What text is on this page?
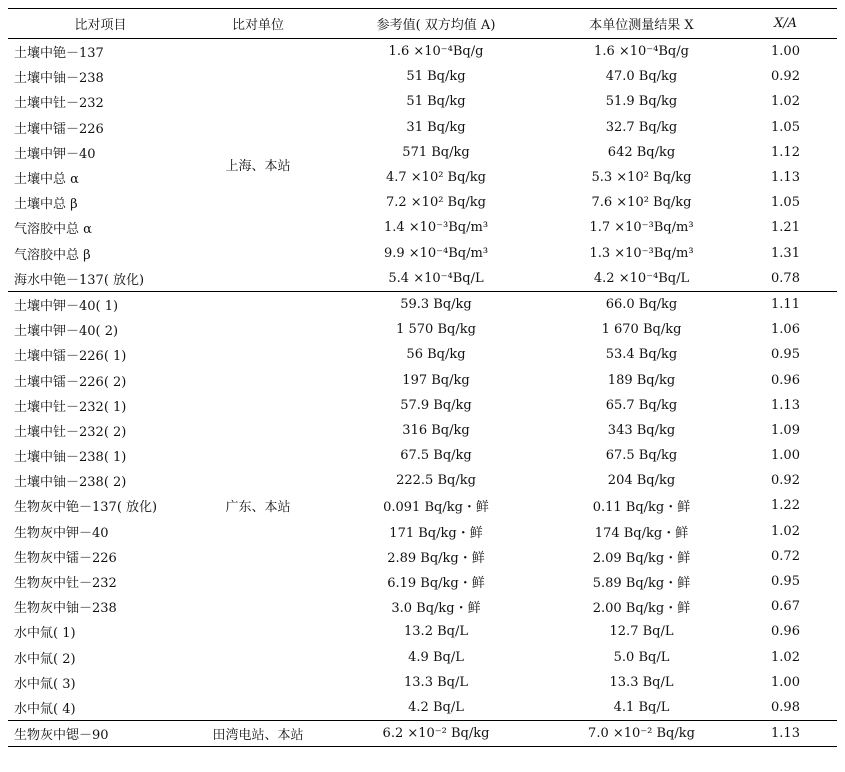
比对项目	比对单位	参考值( 双方均值 A)	本单位测量结果 X	X/A
土壤中铯－137	上海、本站	1.6 ×10⁻⁴Bq/g	1.6 ×10⁻⁴Bq/g	1.00
土壤中铀－238		51 Bq/kg	47.0 Bq/kg	0.92
土壤中钍－232		51 Bq/kg	51.9 Bq/kg	1.02
土壤中镭－226		31 Bq/kg	32.7 Bq/kg	1.05
土壤中钾－40		571 Bq/kg	642 Bq/kg	1.12
土壤中总 α		4.7 ×10² Bq/kg	5.3 ×10² Bq/kg	1.13
土壤中总 β		7.2 ×10² Bq/kg	7.6 ×10² Bq/kg	1.05
气溶胶中总 α		1.4 ×10⁻³Bq/m³	1.7 ×10⁻³Bq/m³	1.21
气溶胶中总 β		9.9 ×10⁻⁴Bq/m³	1.3 ×10⁻³Bq/m³	1.31
海水中铯－137( 放化)		5.4 ×10⁻⁴Bq/L	4.2 ×10⁻⁴Bq/L	0.78
土壤中钾－40( 1)	广东、本站	59.3 Bq/kg	66.0 Bq/kg	1.11
土壤中钾－40( 2)		1 570 Bq/kg	1 670 Bq/kg	1.06
土壤中镭－226( 1)		56 Bq/kg	53.4 Bq/kg	0.95
土壤中镭－226( 2)		197 Bq/kg	189 Bq/kg	0.96
土壤中钍－232( 1)		57.9 Bq/kg	65.7 Bq/kg	1.13
土壤中钍－232( 2)		316 Bq/kg	343 Bq/kg	1.09
土壤中铀－238( 1)		67.5 Bq/kg	67.5 Bq/kg	1.00
土壤中铀－238( 2)		222.5 Bq/kg	204 Bq/kg	0.92
生物灰中铯－137( 放化)		0.091 Bq/kg・鲜	0.11 Bq/kg・鲜	1.22
生物灰中钾－40		171 Bq/kg・鲜	174 Bq/kg・鲜	1.02
生物灰中镭－226		2.89 Bq/kg・鲜	2.09 Bq/kg・鲜	0.72
生物灰中钍－232		6.19 Bq/kg・鲜	5.89 Bq/kg・鲜	0.95
生物灰中铀－238		3.0 Bq/kg・鲜	2.00 Bq/kg・鲜	0.67
水中氚( 1)		13.2 Bq/L	12.7 Bq/L	0.96
水中氚( 2)		4.9 Bq/L	5.0 Bq/L	1.02
水中氚( 3)		13.3 Bq/L	13.3 Bq/L	1.00
水中氚( 4)		4.2 Bq/L	4.1 Bq/L	0.98
生物灰中锶－90	田湾电站、本站	6.2 ×10⁻² Bq/kg	7.0 ×10⁻² Bq/kg	1.13
